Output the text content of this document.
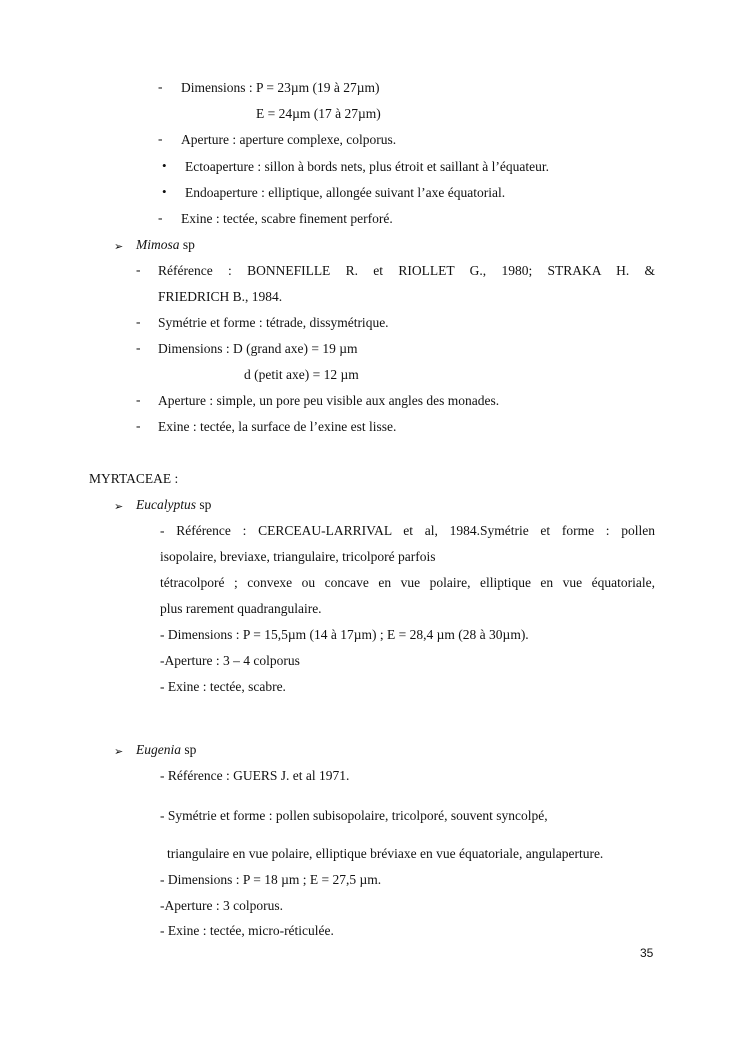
- Dimensions : P = 23µm (19 à 27µm)
E = 24µm (17 à 27µm)
- Aperture : aperture complexe, colporus.
• Ectoaperture : sillon à bords nets, plus étroit et saillant à l’équateur.
• Endoaperture : elliptique, allongée suivant l’axe équatorial.
- Exine : tectée, scabre finement perforé.
➢ Mimosa sp
- Référence : BONNEFILLE R. et RIOLLET G., 1980; STRAKA H. &
FRIEDRICH B., 1984.
- Symétrie et forme : tétrade, dissymétrique.
- Dimensions : D (grand axe) = 19 µm
d (petit axe) = 12 µm
- Aperture : simple, un pore peu visible aux angles des monades.
- Exine : tectée, la surface de l’exine est lisse.
MYRTACEAE :
➢ Eucalyptus sp
- Référence : CERCEAU-LARRIVAL et al, 1984.Symétrie et forme : pollen
isopolaire, breviaxe, triangulaire, tricolporé parfois
tétracolporé ; convexe ou concave en vue polaire, elliptique en vue équatoriale,
plus rarement quadrangulaire.
- Dimensions : P = 15,5µm (14 à 17µm) ; E = 28,4 µm (28 à 30µm).
-Aperture : 3 – 4 colporus
- Exine : tectée, scabre.
➢ Eugenia sp
- Référence : GUERS J. et al 1971.
- Symétrie et forme : pollen subisopolaire, tricolporé, souvent syncolpé,
triangulaire en vue polaire, elliptique bréviaxe en vue équatoriale, angulaperture.
- Dimensions : P = 18 µm ; E = 27,5 µm.
-Aperture : 3 colporus.
- Exine : tectée, micro-réticulée.
35
